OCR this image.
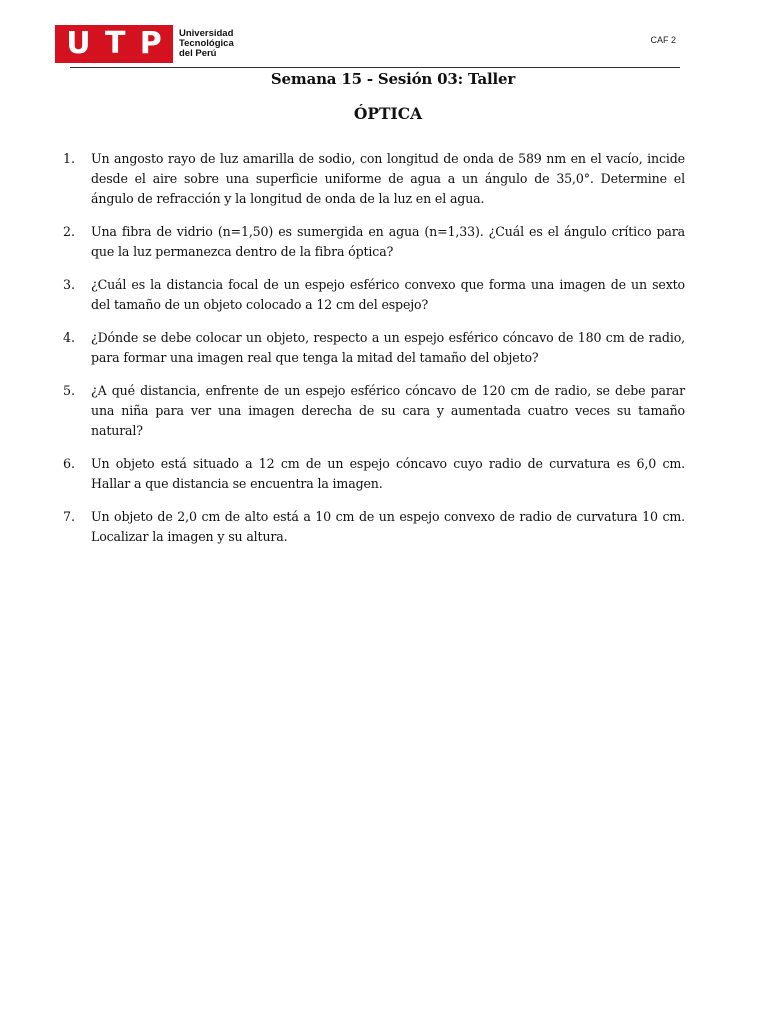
U T P Universidad
Tecnológica
del Perú
CAF 2
Semana 15 - Sesión 03: Taller
ÓPTICA
1.	Un angosto rayo de luz amarilla de sodio, con longitud de onda de 589 nm en el vacío, incide desde el aire sobre una superficie uniforme de agua a un ángulo de 35,0°. Determine el ángulo de refracción y la longitud de onda de la luz en el agua.
2.	Una fibra de vidrio (n=1,50) es sumergida en agua (n=1,33). ¿Cuál es el ángulo crítico para que la luz permanezca dentro de la fibra óptica?
3.	¿Cuál es la distancia focal de un espejo esférico convexo que forma una imagen de un sexto del tamaño de un objeto colocado a 12 cm del espejo?
4.	¿Dónde se debe colocar un objeto, respecto a un espejo esférico cóncavo de 180 cm de radio, para formar una imagen real que tenga la mitad del tamaño del objeto?
5.	¿A qué distancia, enfrente de un espejo esférico cóncavo de 120 cm de radio, se debe parar una niña para ver una imagen derecha de su cara y aumentada cuatro veces su tamaño natural?
6.	Un objeto está situado a 12 cm de un espejo cóncavo cuyo radio de curvatura es 6,0 cm. Hallar a que distancia se encuentra la imagen.
7.	Un objeto de 2,0 cm de alto está a 10 cm de un espejo convexo de radio de curvatura 10 cm. Localizar la imagen y su altura.
